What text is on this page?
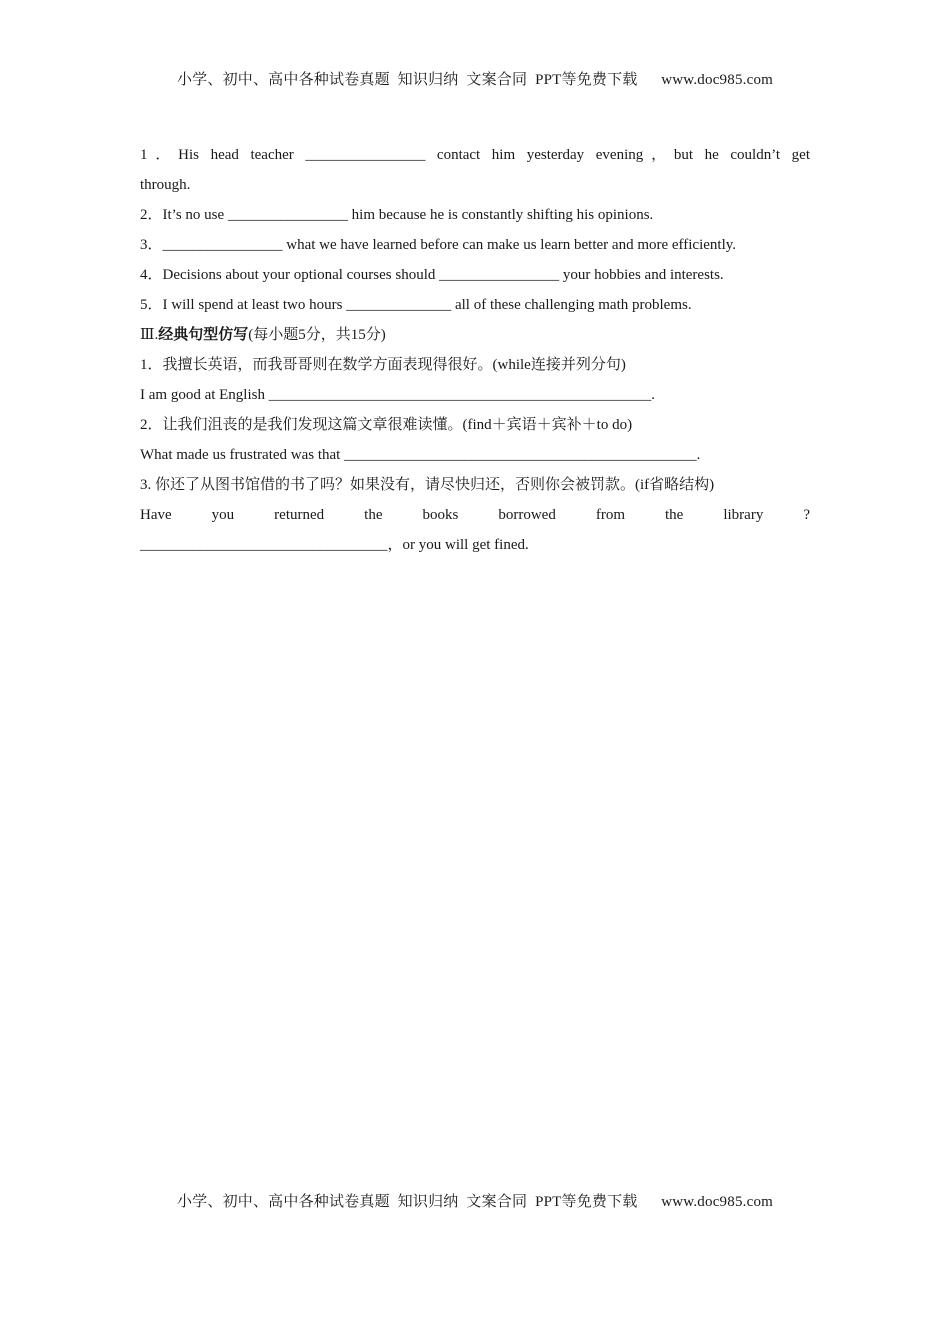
小学、初中、高中各种试卷真题  知识归纳  文案合同  PPT等免费下载      www.doc985.com
1．His head teacher ________________ contact him yesterday evening，but he couldn’t get
through.
2．It’s no use ________________ him because he is constantly shifting his opinions.
3．________________ what we have learned before can make us learn better and more efficiently.
4．Decisions about your optional courses should ________________ your hobbies and interests.
5．I will spend at least two hours ______________ all of these challenging math problems.
Ⅲ.经典句型仿写(每小题5分，共15分)
1．我擅长英语，而我哥哥则在数学方面表现得很好。(while连接并列分句)
I am good at English ___________________________________________________.
2．让我们沮丧的是我们发现这篇文章很难读懂。(find＋宾语＋宾补＋to do)
What made us frustrated was that _______________________________________________.
3. 你还了从图书馆借的书了吗？如果没有，请尽快归还，否则你会被罚款。(if省略结构)
Have you returned the books borrowed from the library ?
_________________________________，or you will get fined.
小学、初中、高中各种试卷真题  知识归纳  文案合同  PPT等免费下载      www.doc985.com
